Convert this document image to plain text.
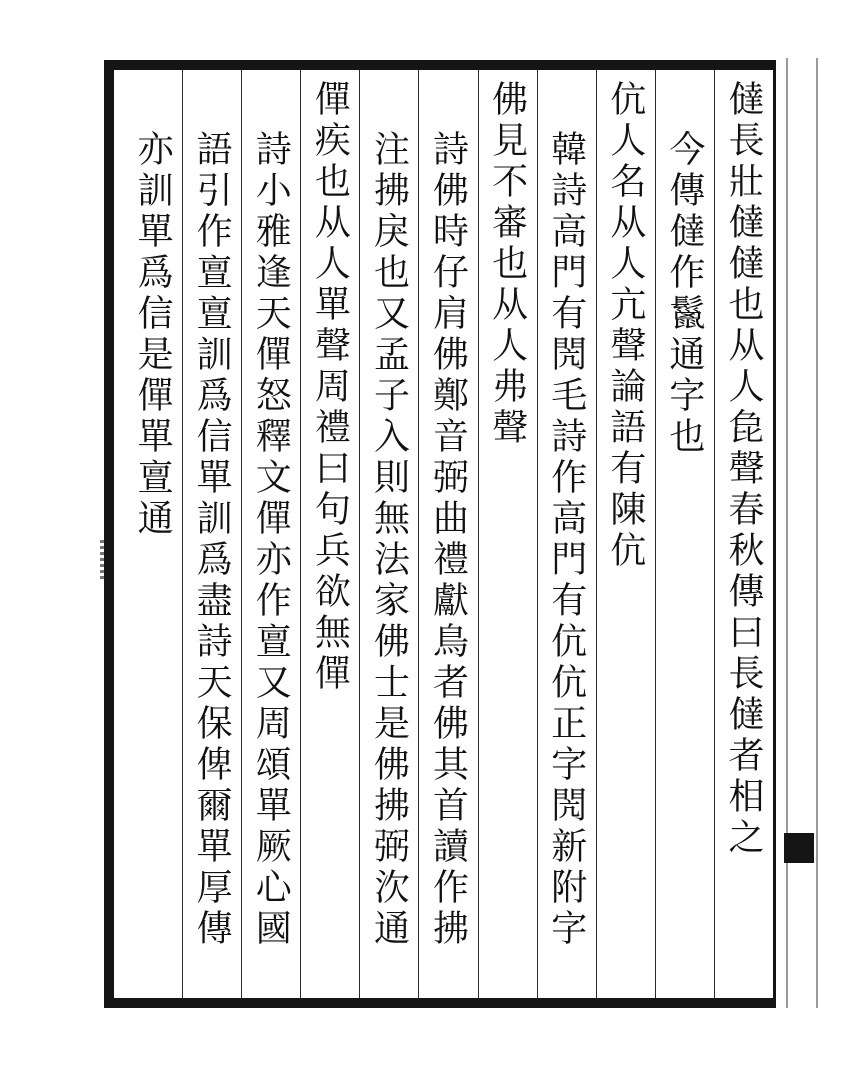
㒓長壯㒓㒓也从人㲋聲春秋傳曰長㒓者相之
今傳㒓作鬣通字也
伉人名从人亢聲論語有陳伉
韓詩高門有閌毛詩作高門有伉伉正字閌新附字
佛見不審也从人弗聲
詩佛時仔肩佛鄭音弼曲禮獻鳥者佛其首讀作拂
注拂戾也又孟子入則無法家佛士是佛拂弼㳄通
僤疾也从人單聲周禮曰句兵欲無僤
詩小雅逢天僤怒釋文僤亦作亶又周頌單厥心國
語引作亶亶訓爲信單訓爲盡詩天保俾爾單厚傳
亦訓單爲信是僤單亶通
